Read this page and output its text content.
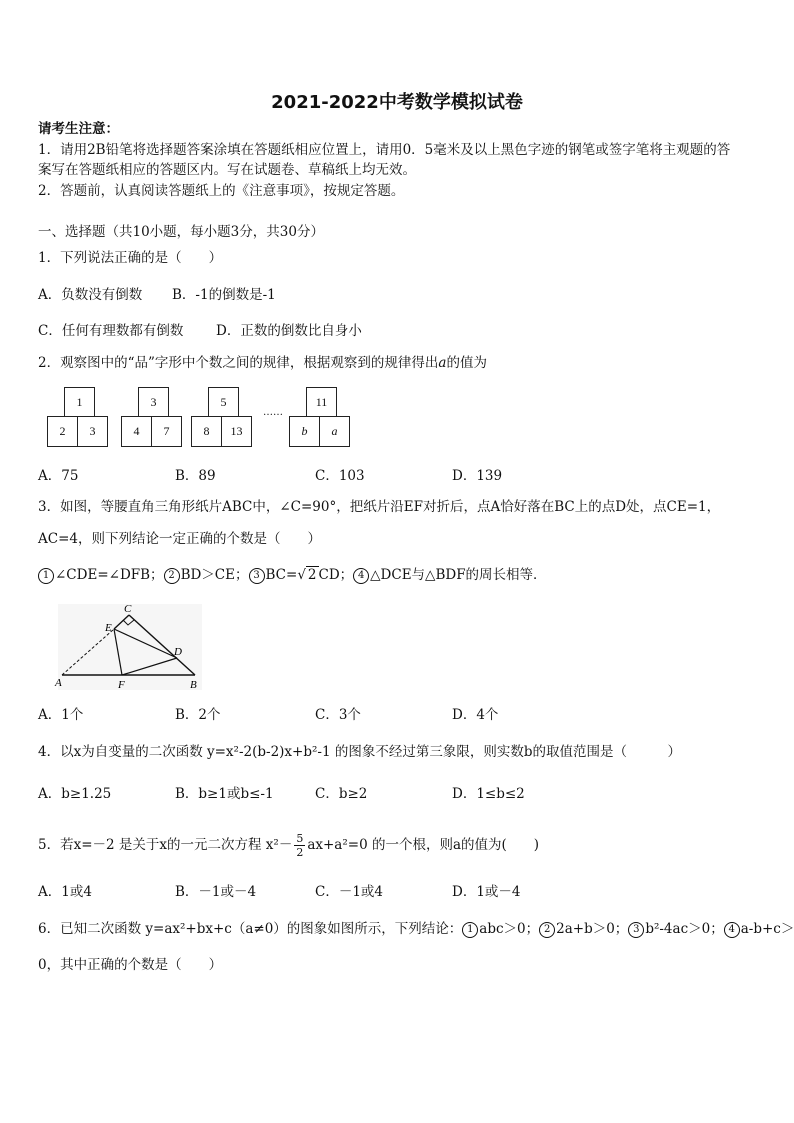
2021-2022中考数学模拟试卷
请考生注意：
1．请用2B铅笔将选择题答案涂填在答题纸相应位置上，请用0．5毫米及以上黑色字迹的钢笔或签字笔将主观题的答
案写在答题纸相应的答题区内。写在试题卷、草稿纸上均无效。
2．答题前，认真阅读答题纸上的《注意事项》，按规定答题。
一、选择题（共10小题，每小题3分，共30分）
1．下列说法正确的是（　　）
A．负数没有倒数 B．-1的倒数是-1
C．任何有理数都有倒数 D．正数的倒数比自身小
2．观察图中的“品”字形中个数之间的规律，根据观察到的规律得出a的值为
1
2	3
3
4	7
5
8	13
……
11
b	a
A．75	B．89	C．103	D．139
3．如图，等腰直角三角形纸片ABC中，∠C=90°，把纸片沿EF对折后，点A恰好落在BC上的点D处，点CE=1，
AC=4，则下列结论一定正确的个数是（　　）
1 ∠CDE=∠DFB； 2 BD＞CE； 3 BC=√ 2 CD； 4 △DCE与△BDF的周长相等．
C
E
D
A	F	B
A．1个	B．2个	C．3个	D．4个
4．以x为自变量的二次函数 y=x²-2(b-2)x+b²-1 的图象不经过第三象限，则实数b的取值范围是（　　　）
A．b≥1.25	B．b≥1或b≤-1	C．b≥2	D．1≤b≤2
5．若x=－2 是关于x的一元二次方程 $x^2- \frac{5}{2} ax+a^2=0$ 的一个根，则a的值为(　　)
A．1或4	B．－1或－4	C．－1或4	D．1或－4
6．已知二次函数 y=ax²+bx+c（a≠0）的图象如图所示，下列结论： 1 abc＞0； 2 2a+b＞0； 3 b²-4ac＞0； 4 a-b+c＞
0，其中正确的个数是（　　）
